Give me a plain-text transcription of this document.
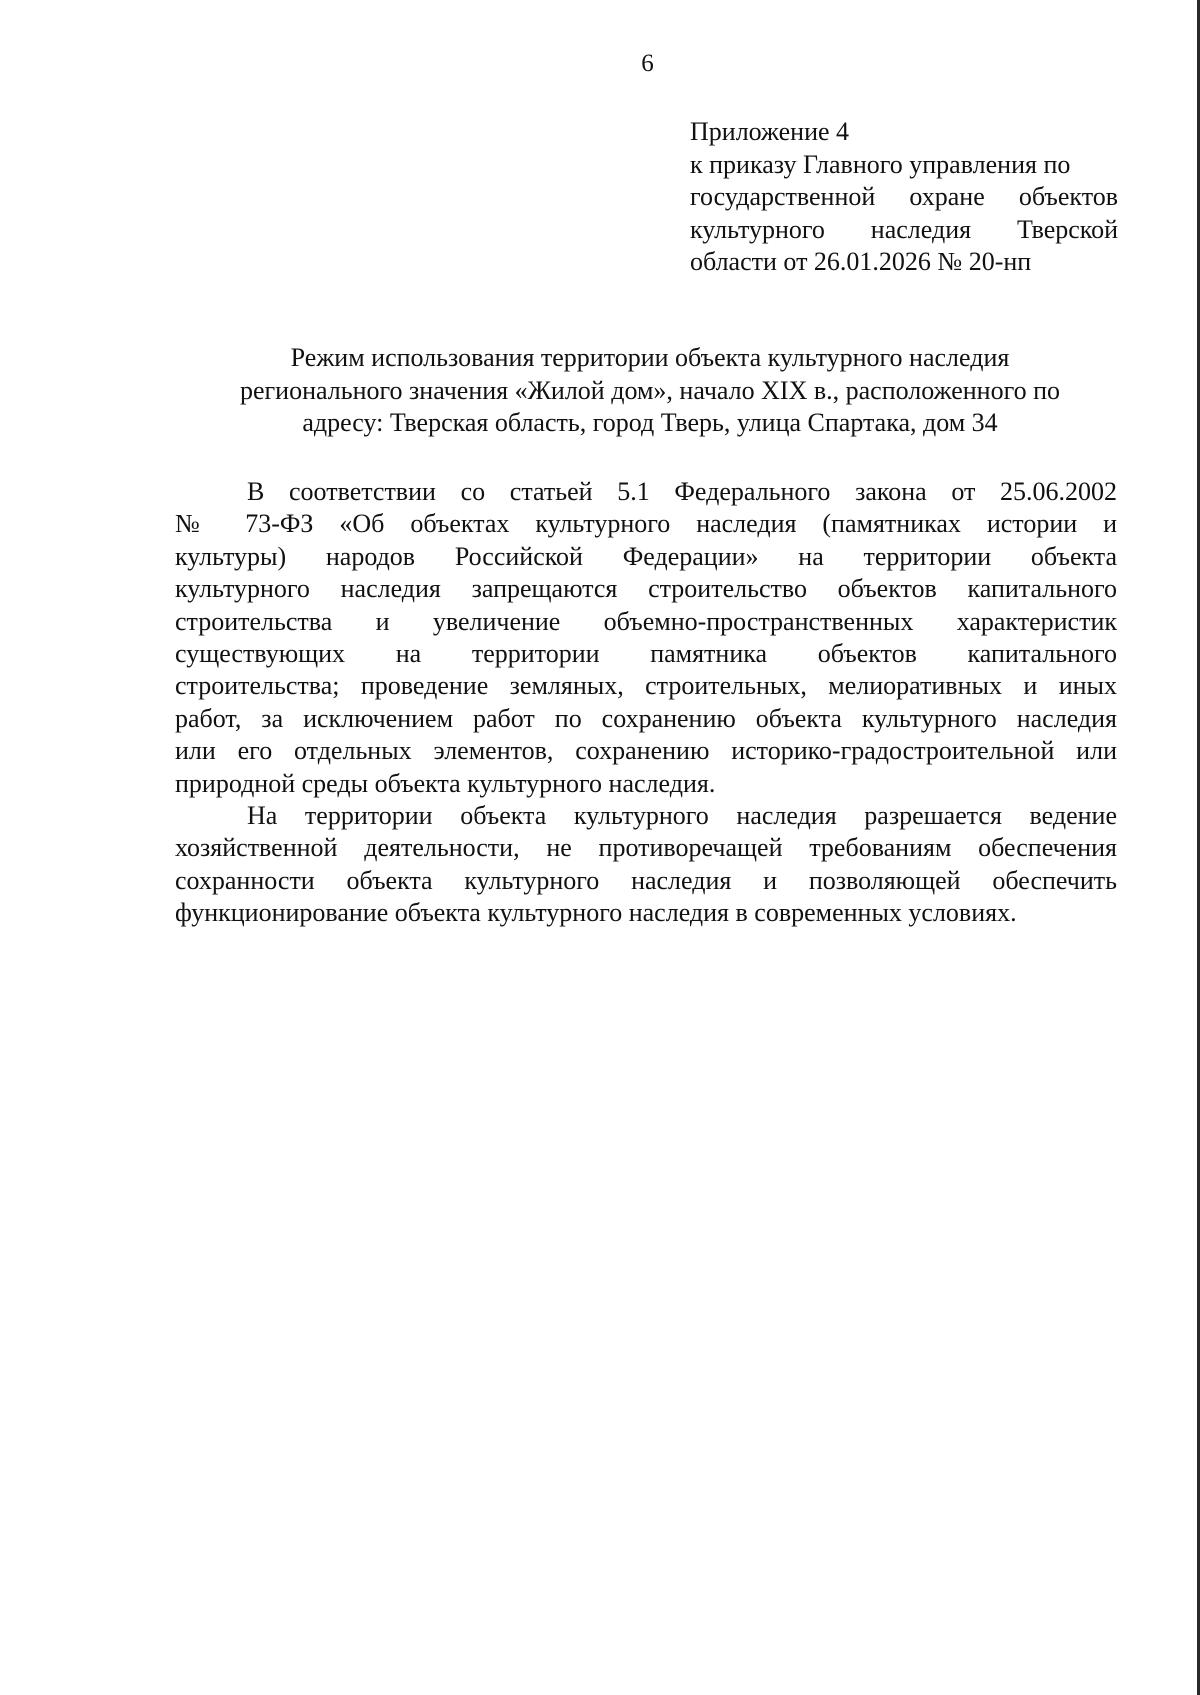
6
Приложение 4
к приказу Главного управления по
государственной охране объектов
культурного наследия Тверской
области от 26.01.2026 № 20-нп
Режим использования территории объекта культурного наследия
регионального значения «Жилой дом», начало XIX в., расположенного по
адресу: Тверская область, город Тверь, улица Спартака, дом 34
В соответствии со статьей 5.1 Федерального закона от 25.06.2002
№ 73-ФЗ «Об объектах культурного наследия (памятниках истории и
культуры) народов Российской Федерации» на территории объекта
культурного наследия запрещаются строительство объектов капитального
строительства и увеличение объемно-пространственных характеристик
существующих на территории памятника объектов капитального
строительства; проведение земляных, строительных, мелиоративных и иных
работ, за исключением работ по сохранению объекта культурного наследия
или его отдельных элементов, сохранению историко-градостроительной или
природной среды объекта культурного наследия.
На территории объекта культурного наследия разрешается ведение
хозяйственной деятельности, не противоречащей требованиям обеспечения
сохранности объекта культурного наследия и позволяющей обеспечить
функционирование объекта культурного наследия в современных условиях.
